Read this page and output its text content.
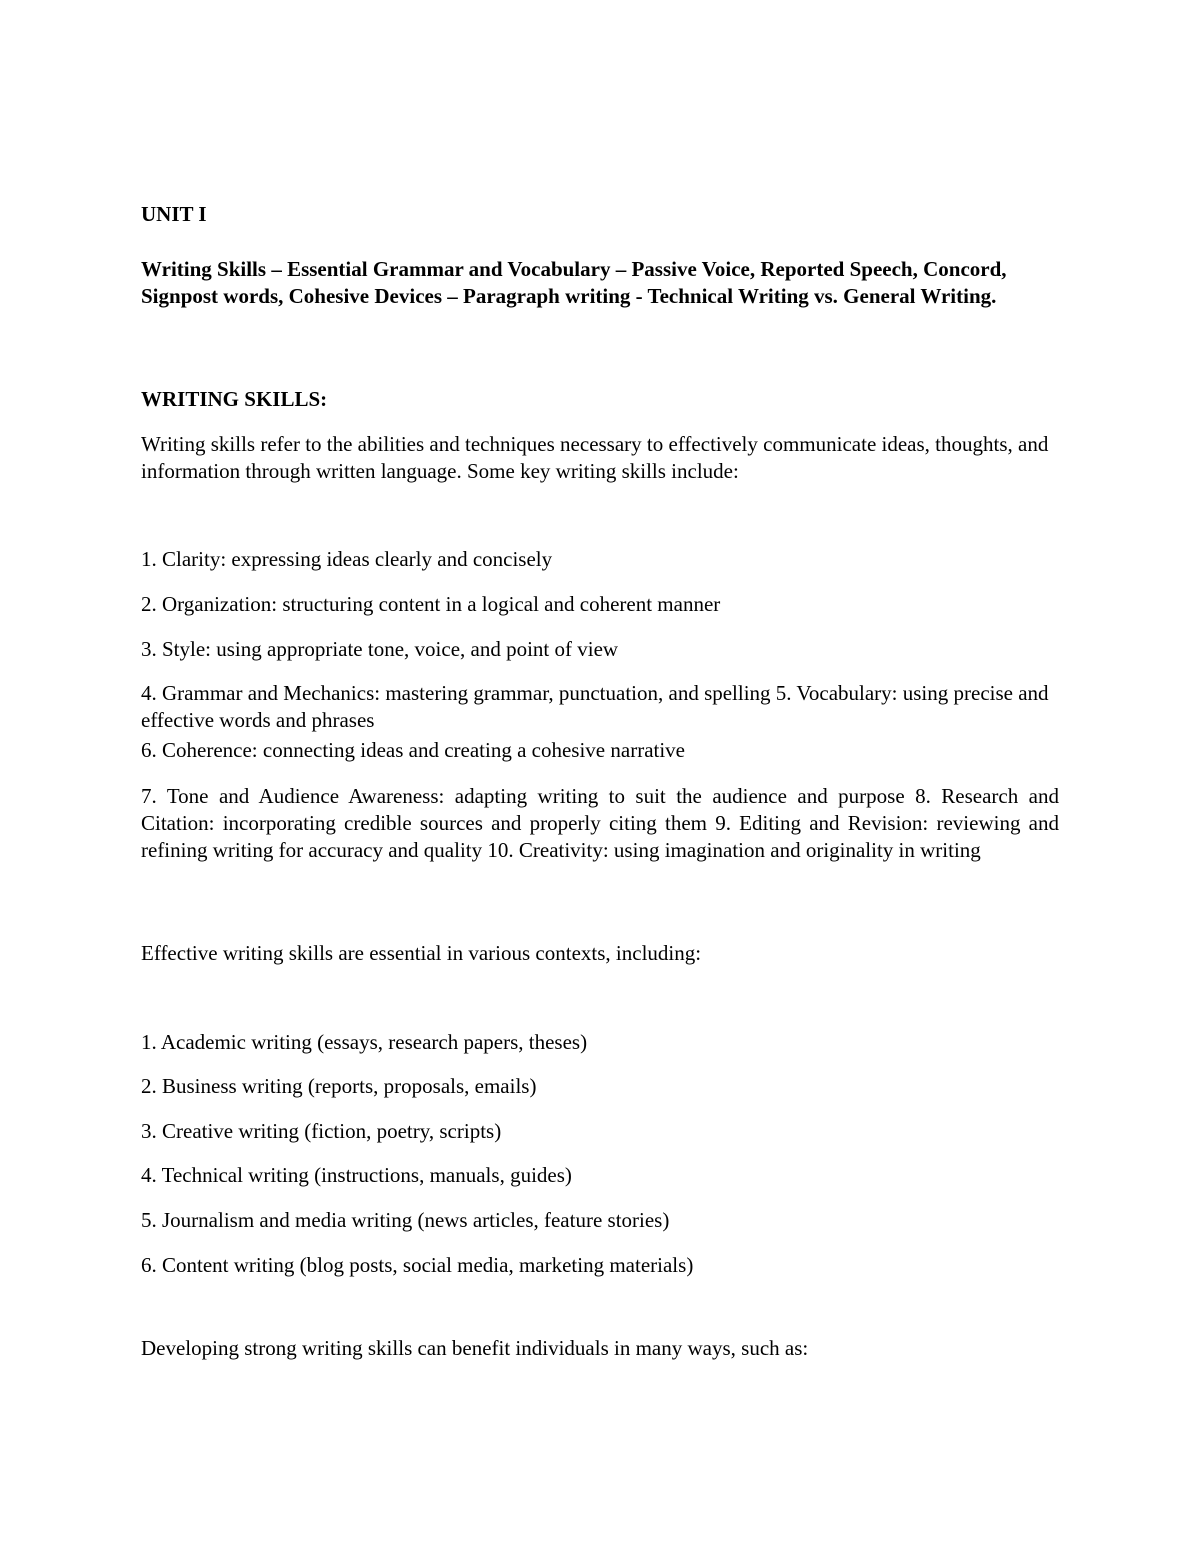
UNIT I

Writing Skills – Essential Grammar and Vocabulary – Passive Voice, Reported Speech, Concord, Signpost words, Cohesive Devices – Paragraph writing - Technical Writing vs. General Writing.

WRITING SKILLS:

Writing skills refer to the abilities and techniques necessary to effectively communicate ideas, thoughts, and information through written language. Some key writing skills include:

1. Clarity: expressing ideas clearly and concisely

2. Organization: structuring content in a logical and coherent manner

3. Style: using appropriate tone, voice, and point of view

4. Grammar and Mechanics: mastering grammar, punctuation, and spelling 5. Vocabulary: using precise and effective words and phrases

6. Coherence: connecting ideas and creating a cohesive narrative

7. Tone and Audience Awareness: adapting writing to suit the audience and purpose 8. Research and Citation: incorporating credible sources and properly citing them 9. Editing and Revision: reviewing and refining writing for accuracy and quality 10. Creativity: using imagination and originality in writing

Effective writing skills are essential in various contexts, including:

1. Academic writing (essays, research papers, theses)

2. Business writing (reports, proposals, emails)

3. Creative writing (fiction, poetry, scripts)

4. Technical writing (instructions, manuals, guides)

5. Journalism and media writing (news articles, feature stories)

6. Content writing (blog posts, social media, marketing materials)

Developing strong writing skills can benefit individuals in many ways, such as:
